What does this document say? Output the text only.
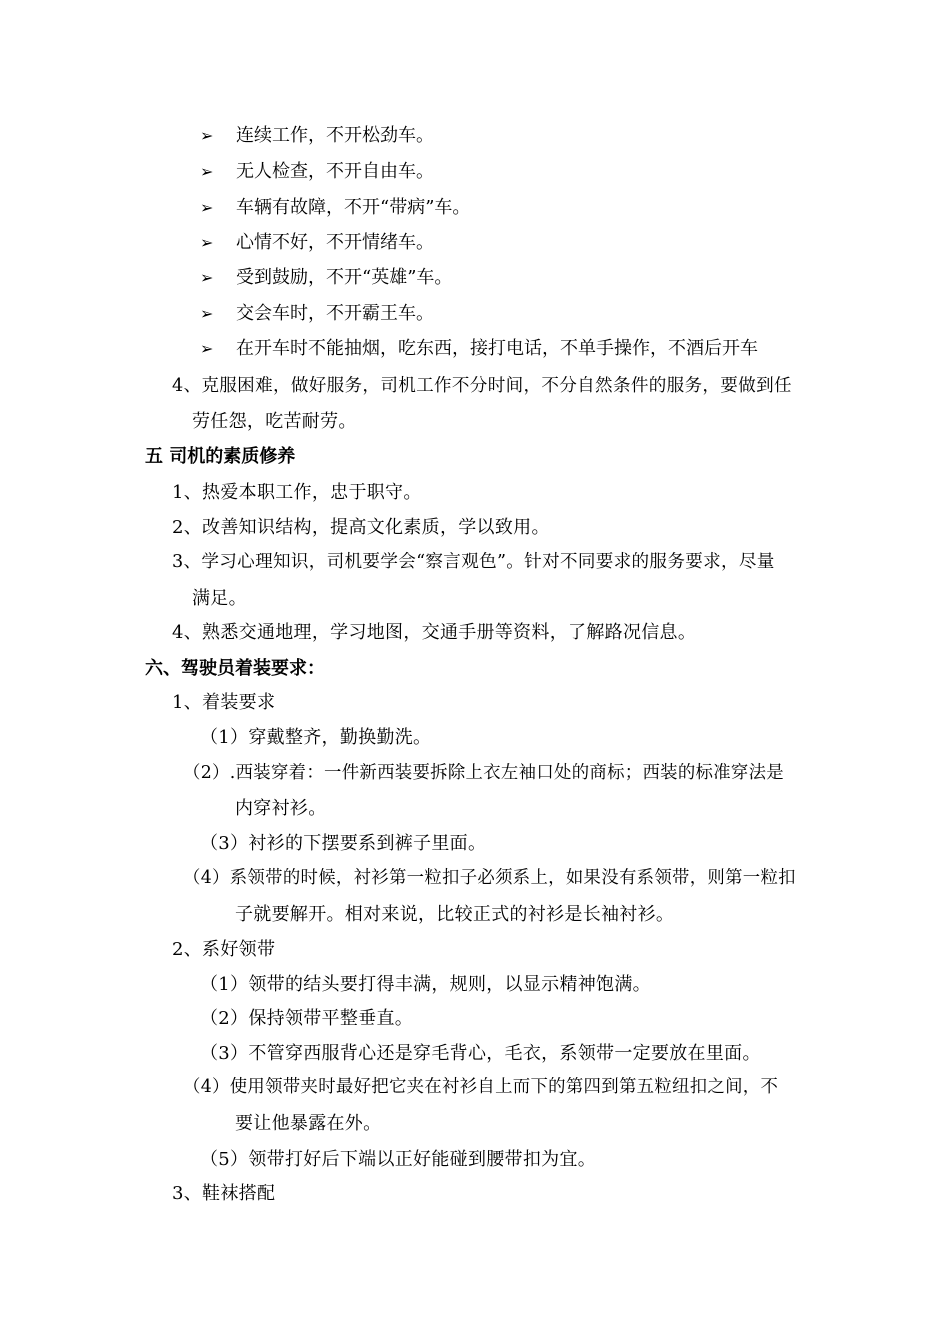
➢ 连续工作，不开松劲车。
➢ 无人检查，不开自由车。
➢ 车辆有故障，不开“带病”车。
➢ 心情不好，不开情绪车。
➢ 受到鼓励，不开“英雄”车。
➢ 交会车时，不开霸王车。
➢ 在开车时不能抽烟，吃东西，接打电话，不单手操作，不酒后开车
4、克服困难，做好服务，司机工作不分时间，不分自然条件的服务，要做到任
劳任怨，吃苦耐劳。
五 司机的素质修养
1、热爱本职工作，忠于职守。
2、改善知识结构，提高文化素质，学以致用。
3、学习心理知识，司机要学会“察言观色”。针对不同要求的服务要求，尽量
满足。
4、熟悉交通地理，学习地图，交通手册等资料，了解路况信息。
六、驾驶员着装要求：
1、着装要求
（1）穿戴整齐，勤换勤洗。
（2）.西装穿着：一件新西装要拆除上衣左袖口处的商标；西装的标准穿法是
内穿衬衫。
（3）衬衫的下摆要系到裤子里面。
（4）系领带的时候，衬衫第一粒扣子必须系上，如果没有系领带，则第一粒扣
子就要解开。相对来说，比较正式的衬衫是长袖衬衫。
2、系好领带
（1）领带的结头要打得丰满，规则，以显示精神饱满。
（2）保持领带平整垂直。
（3）不管穿西服背心还是穿毛背心，毛衣，系领带一定要放在里面。
（4）使用领带夹时最好把它夹在衬衫自上而下的第四到第五粒纽扣之间，不
要让他暴露在外。
（5）领带打好后下端以正好能碰到腰带扣为宜。
3、鞋袜搭配
